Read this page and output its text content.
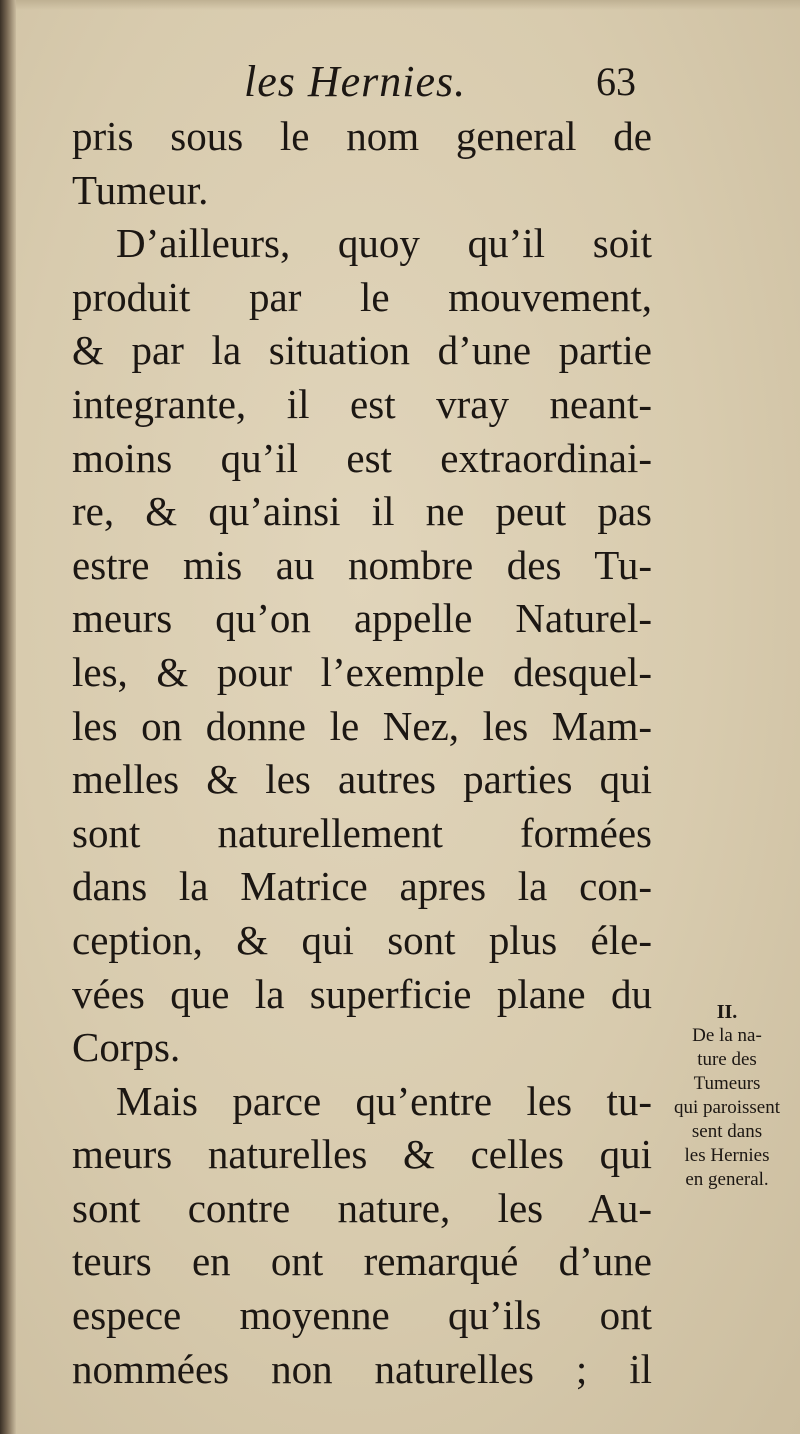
les Hernies.	63
pris sous le nom general de
Tumeur.
D’ailleurs, quoy qu’il soit
produit par le mouvement,
& par la situation d’une partie
integrante, il est vray neant-
moins qu’il est extraordinai-
re, & qu’ainsi il ne peut pas
estre mis au nombre des Tu-
meurs qu’on appelle Naturel-
les, & pour l’exemple desquel-
les on donne le Nez, les Mam-
melles & les autres parties qui
sont naturellement formées
dans la Matrice apres la con-
ception, & qui sont plus éle-
vées que la superficie plane du
Corps.
Mais parce qu’entre les tu-
meurs naturelles & celles qui
sont contre nature, les Au-
teurs en ont remarqué d’une
espece moyenne qu’ils ont
nommées non naturelles ; il
II.
De la na-
ture des
Tumeurs
qui paroissent
sent dans
les Hernies
en general.
